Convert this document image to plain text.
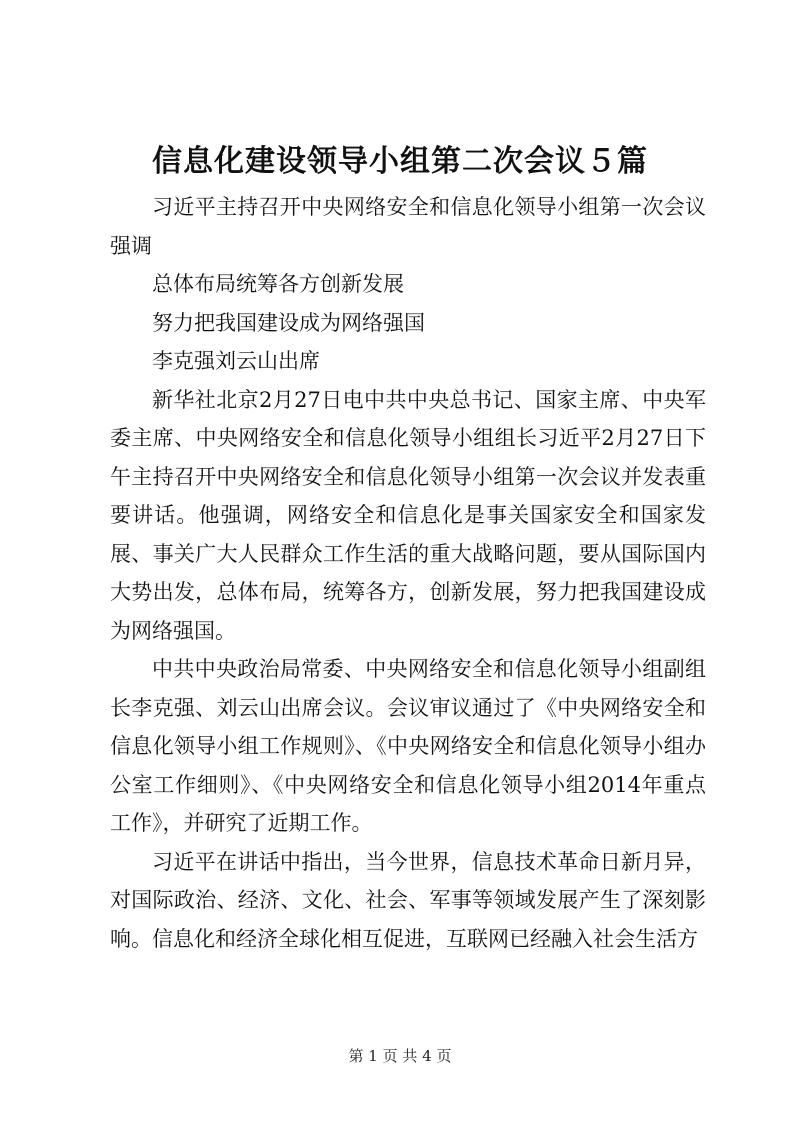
信息化建设领导小组第二次会议５篇

习近平主持召开中央网络安全和信息化领导小组第一次会议强调

总体布局统筹各方创新发展

努力把我国建设成为网络强国

李克强刘云山出席

新华社北京2月27日电中共中央总书记、国家主席、中央军委主席、中央网络安全和信息化领导小组组长习近平2月27日下午主持召开中央网络安全和信息化领导小组第一次会议并发表重要讲话。他强调，网络安全和信息化是事关国家安全和国家发展、事关广大人民群众工作生活的重大战略问题，要从国际国内大势出发，总体布局，统筹各方，创新发展，努力把我国建设成为网络强国。

中共中央政治局常委、中央网络安全和信息化领导小组副组长李克强、刘云山出席会议。会议审议通过了《中央网络安全和信息化领导小组工作规则》、《中央网络安全和信息化领导小组办公室工作细则》、《中央网络安全和信息化领导小组2014年重点工作》，并研究了近期工作。

习近平在讲话中指出，当今世界，信息技术革命日新月异，对国际政治、经济、文化、社会、军事等领域发展产生了深刻影响。信息化和经济全球化相互促进，互联网已经融入社会生活方

第 1 页 共 4 页
